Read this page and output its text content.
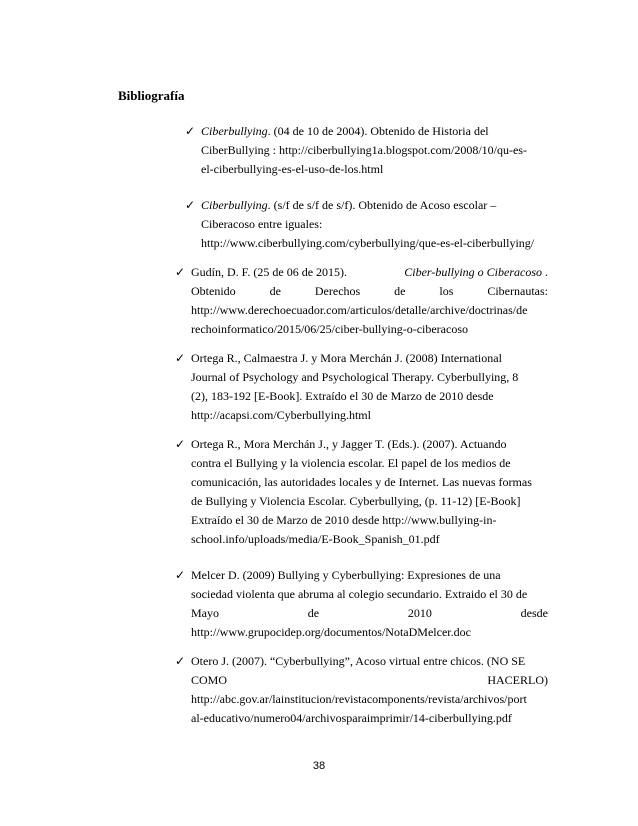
Bibliografía
✓ Ciberbullying. (04 de 10 de 2004). Obtenido de Historia del
CiberBullying : http://ciberbullying1a.blogspot.com/2008/10/qu-es-
el-ciberbullying-es-el-uso-de-los.html
✓ Ciberbullying. (s/f de s/f de s/f). Obtenido de Acoso escolar –
Ciberacoso entre iguales:
http://www.ciberbullying.com/cyberbullying/que-es-el-ciberbullying/
✓ Gudín, D. F. (25 de 06 de 2015).	Ciber-bullying o Ciberacoso .
Obtenido	de	Derechos	de	los	Cibernautas:
http://www.derechoecuador.com/articulos/detalle/archive/doctrinas/de
rechoinformatico/2015/06/25/ciber-bullying-o-ciberacoso
✓ Ortega R., Calmaestra J. y Mora Merchán J. (2008) International
Journal of Psychology and Psychological Therapy. Cyberbullying, 8
(2), 183-192 [E-Book]. Extraído el 30 de Marzo de 2010 desde
http://acapsi.com/Cyberbullying.html
✓ Ortega R., Mora Merchán J., y Jagger T. (Eds.). (2007). Actuando
contra el Bullying y la violencia escolar. El papel de los medios de
comunicación, las autoridades locales y de Internet. Las nuevas formas
de Bullying y Violencia Escolar. Cyberbullying, (p. 11-12) [E-Book]
Extraído el 30 de Marzo de 2010 desde http://www.bullying-in-
school.info/uploads/media/E-Book_Spanish_01.pdf
✓ Melcer D. (2009) Bullying y Cyberbullying: Expresiones de una
sociedad violenta que abruma al colegio secundario. Extraido el 30 de
Mayo	de	2010	desde
http://www.grupocidep.org/documentos/NotaDMelcer.doc
✓ Otero J. (2007). “Cyberbullying”, Acoso virtual entre chicos. (NO SE
COMO	HACERLO)
http://abc.gov.ar/lainstitucion/revistacomponents/revista/archivos/port
al-educativo/numero04/archivosparaimprimir/14-ciberbullying.pdf
38
